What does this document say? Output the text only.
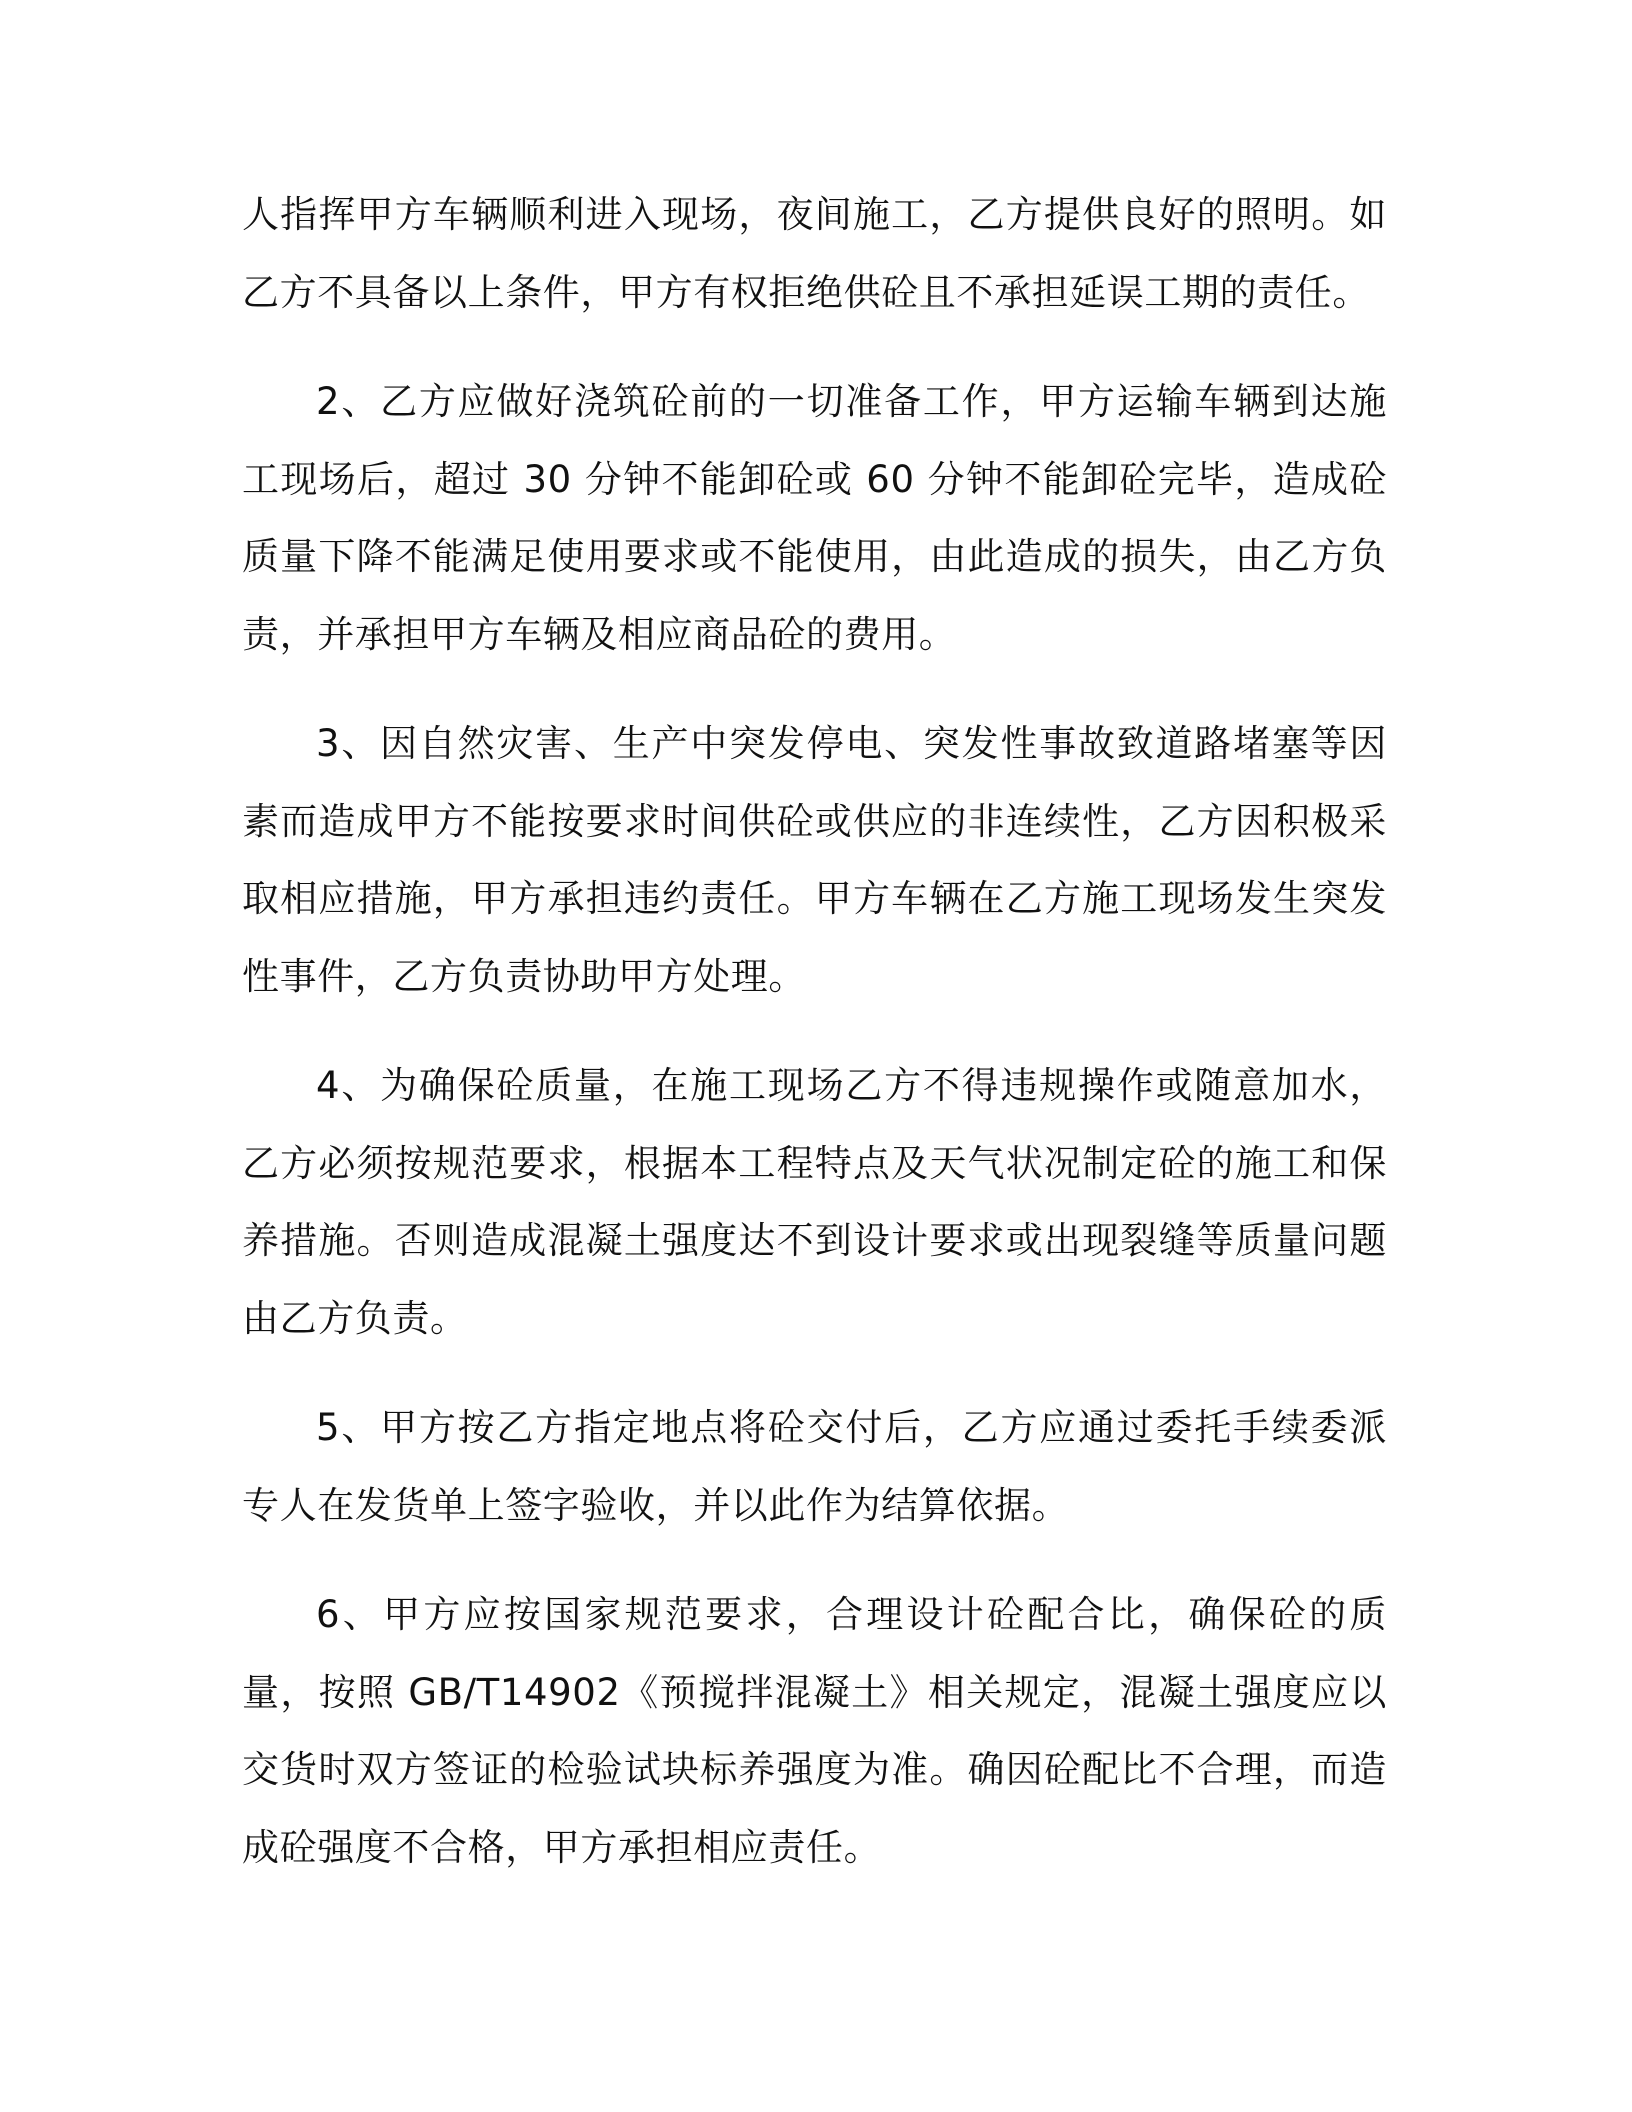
人指挥甲方车辆顺利进入现场，夜间施工，乙方提供良好的照明。如乙方不具备以上条件，甲方有权拒绝供砼且不承担延误工期的责任。

2、乙方应做好浇筑砼前的一切准备工作，甲方运输车辆到达施工现场后，超过 30 分钟不能卸砼或 60 分钟不能卸砼完毕，造成砼质量下降不能满足使用要求或不能使用，由此造成的损失，由乙方负责，并承担甲方车辆及相应商品砼的费用。

3、因自然灾害、生产中突发停电、突发性事故致道路堵塞等因素而造成甲方不能按要求时间供砼或供应的非连续性，乙方因积极采取相应措施，甲方承担违约责任。甲方车辆在乙方施工现场发生突发性事件，乙方负责协助甲方处理。

4、为确保砼质量，在施工现场乙方不得违规操作或随意加水，乙方必须按规范要求，根据本工程特点及天气状况制定砼的施工和保养措施。否则造成混凝土强度达不到设计要求或出现裂缝等质量问题由乙方负责。

5、甲方按乙方指定地点将砼交付后，乙方应通过委托手续委派专人在发货单上签字验收，并以此作为结算依据。

6、甲方应按国家规范要求，合理设计砼配合比，确保砼的质量，按照 GB/T14902《预搅拌混凝土》相关规定，混凝土强度应以交货时双方签证的检验试块标养强度为准。确因砼配比不合理，而造成砼强度不合格，甲方承担相应责任。
